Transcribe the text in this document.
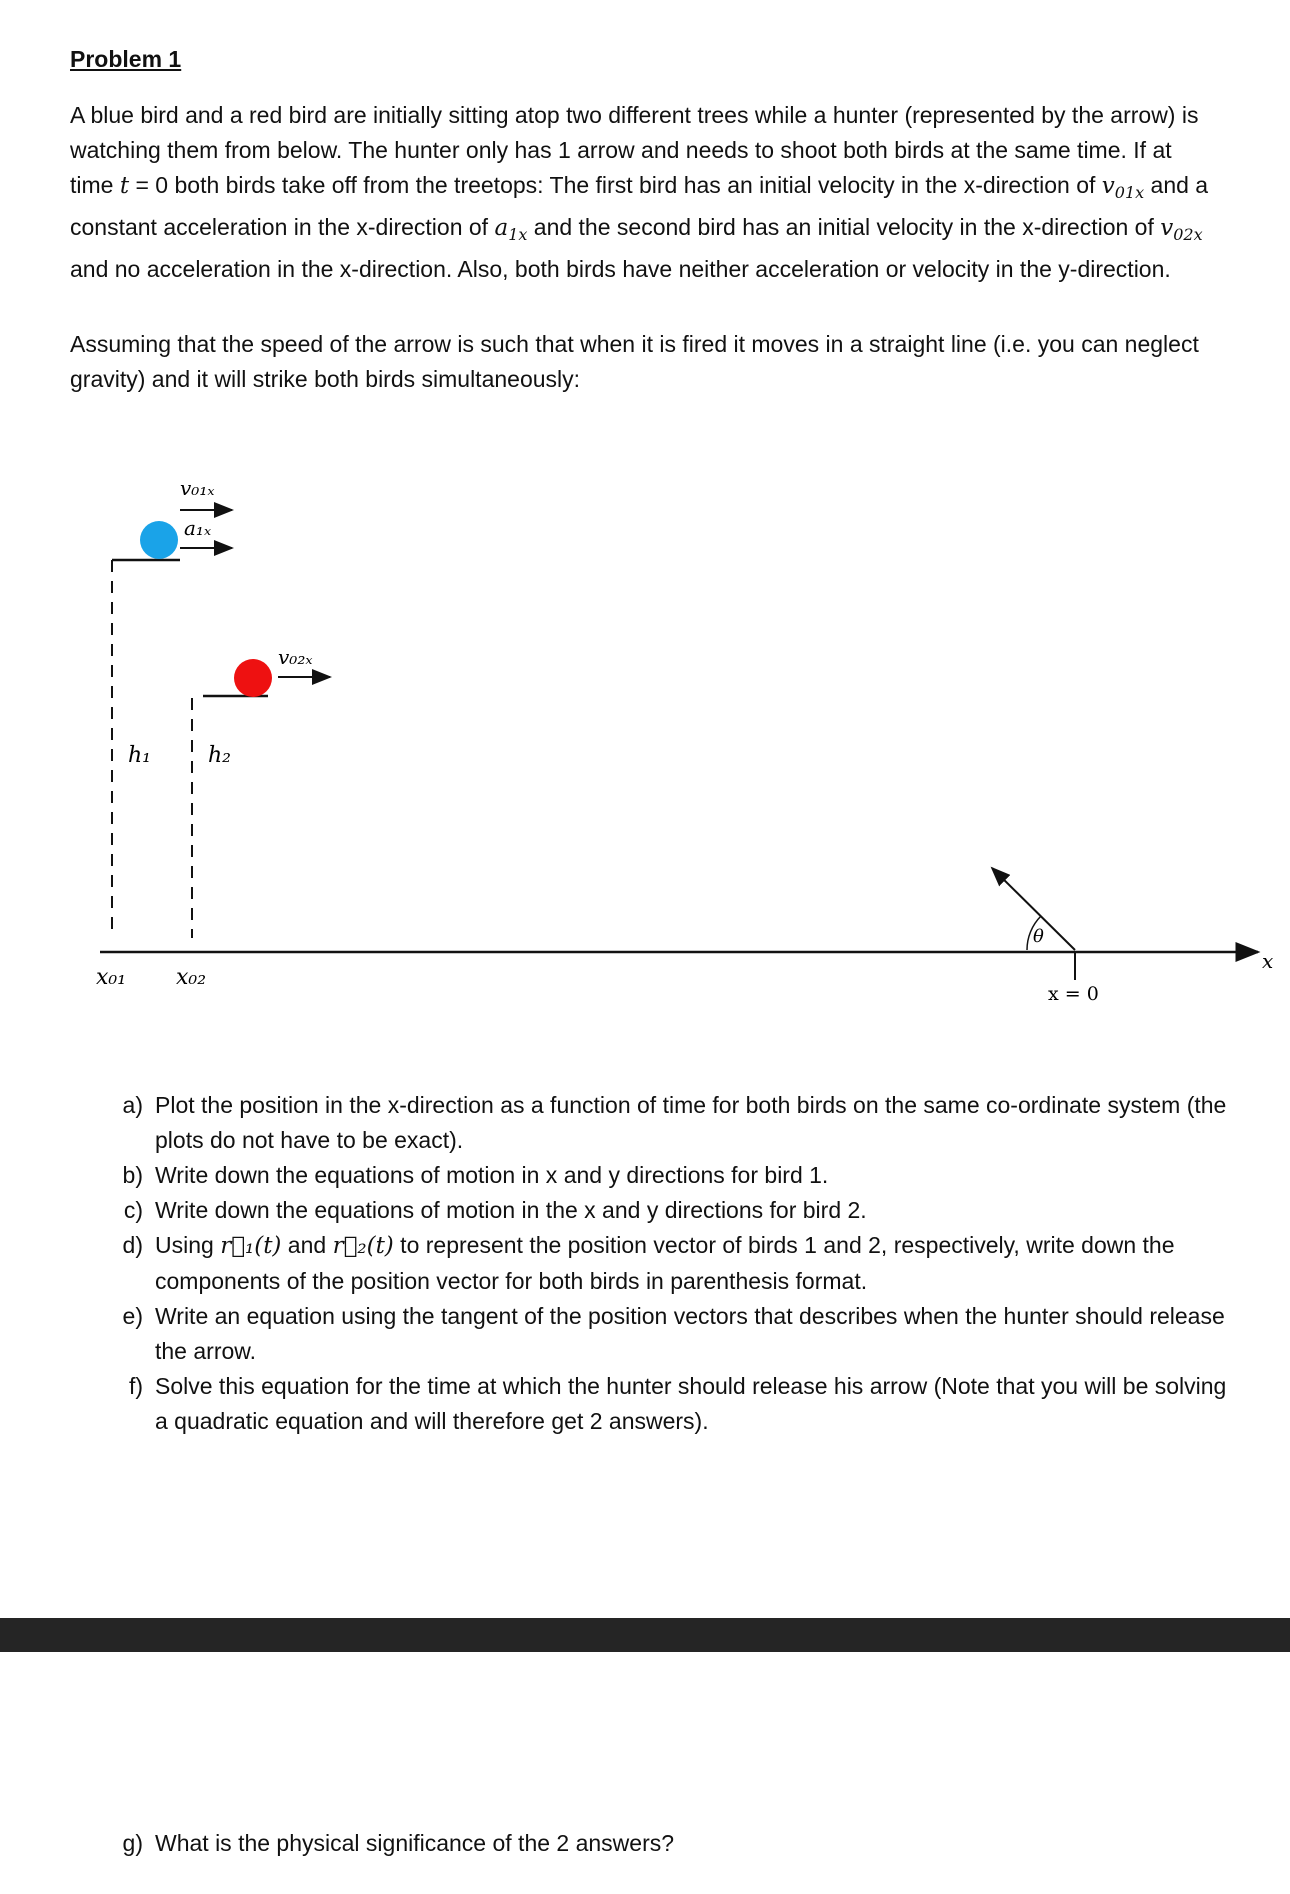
Problem 1
A blue bird and a red bird are initially sitting atop two different trees while a hunter (represented by the arrow) is watching them from below. The hunter only has 1 arrow and needs to shoot both birds at the same time. If at time t = 0 both birds take off from the treetops: The first bird has an initial velocity in the x-direction of $v_{01x}$ and a constant acceleration in the x-direction of $a_{1x}$ and the second bird has an initial velocity in the x-direction of $v_{02x}$ and no acceleration in the x-direction. Also, both birds have neither acceleration or velocity in the y-direction.
Assuming that the speed of the arrow is such that when it is fired it moves in a straight line (i.e. you can neglect gravity) and it will strike both birds simultaneously:
v₀₁ₓ
a₁ₓ
v₀₂ₓ
h₁	h₂
x
x₀₁ x₀₂
θ
x = 0
a) Plot the position in the x-direction as a function of time for both birds on the same co-ordinate system (the plots do not have to be exact).
b) Write down the equations of motion in x and y directions for bird 1.
c) Write down the equations of motion in the x and y directions for bird 2.
d) Using r⃗₁(t) and r⃗₂(t) to represent the position vector of birds 1 and 2, respectively, write down the components of the position vector for both birds in parenthesis format.
e) Write an equation using the tangent of the position vectors that describes when the hunter should release the arrow.
f) Solve this equation for the time at which the hunter should release his arrow (Note that you will be solving a quadratic equation and will therefore get 2 answers).
g) What is the physical significance of the 2 answers?
